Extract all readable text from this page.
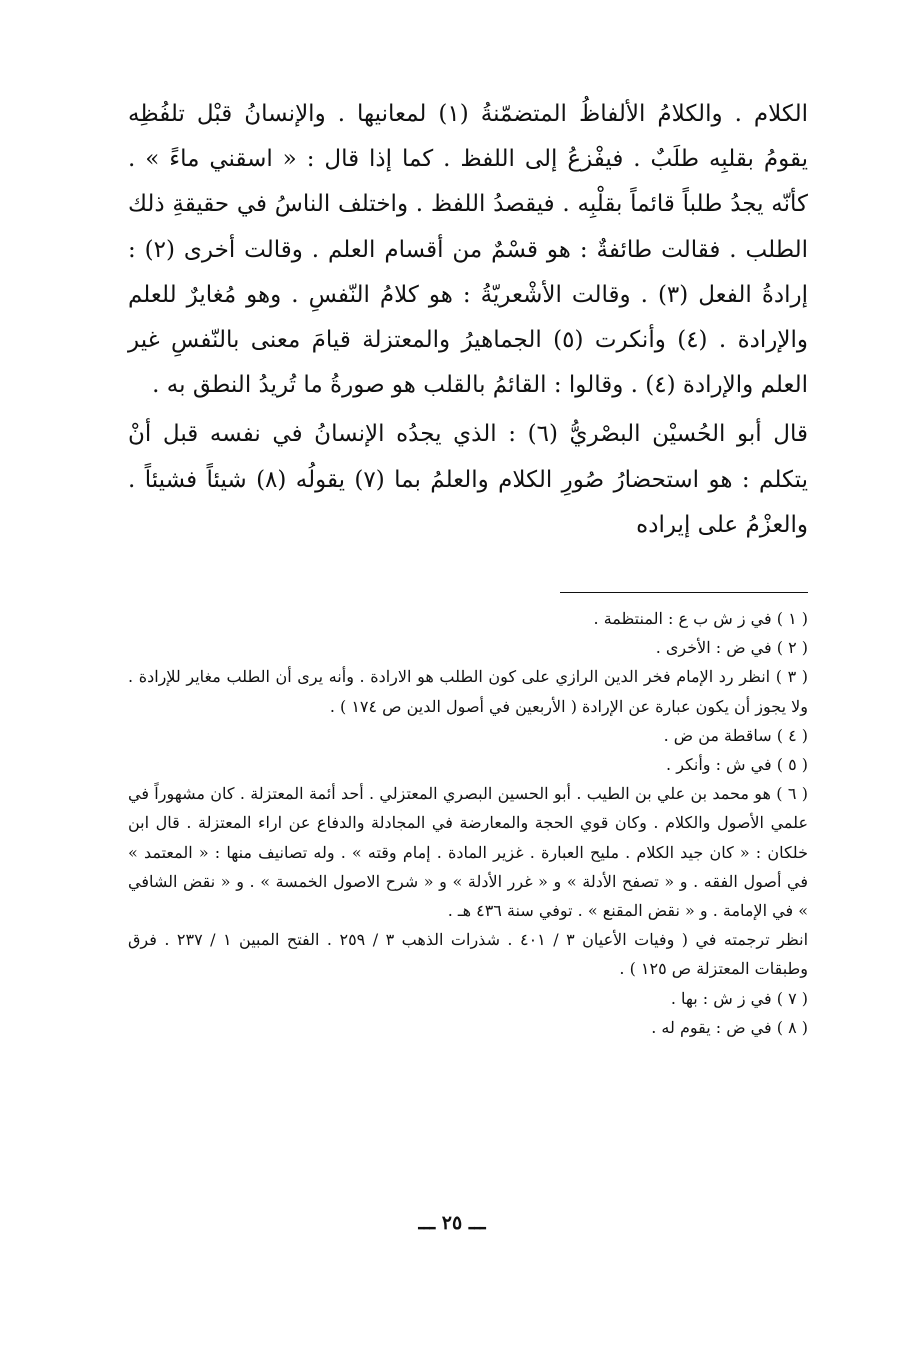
الكلام . والكلامُ الألفاظُ المتضمّنةُ (١) لمعانيها . والإنسانُ قبْل تلفُظِه يقومُ بقلبِه طلَبٌ . فيفْزعُ إلى اللفظ . كما إذا قال : « اسقني ماءً » . كأنّه يجدُ طلباً قائماً بقلْبِه . فيقصدُ اللفظ . واختلف الناسُ في حقيقةِ ذلك الطلب . فقالت طائفةٌ : هو قسْمٌ من أقسام العلم . وقالت أخرى (٢) : إرادةُ الفعل (٣) . وقالت الأشْعريّةُ : هو كلامُ النّفسِ . وهو مُغايرٌ للعلم والإرادة . (٤) وأنكرت (٥) الجماهيرُ والمعتزلة قيامَ معنى بالنّفسِ غير العلم والإرادة (٤) . وقالوا : القائمُ بالقلب هو صورةُ ما تُريدُ النطق به .

قال أبو الحُسيْن البصْريُّ (٦) : الذي يجدُه الإنسانُ في نفسه قبل أنْ يتكلم : هو استحضارُ صُورِ الكلام والعلمُ بما (٧) يقولُه (٨) شيئاً فشيئاً . والعزْمُ على إيراده

( ١ ) في ز ش ب ع : المنتظمة .

( ٢ ) في ض : الأخرى .

( ٣ ) انظر رد الإمام فخر الدين الرازي على كون الطلب هو الارادة . وأنه يرى أن الطلب مغاير للإرادة . ولا يجوز أن يكون عبارة عن الإرادة ( الأربعين في أصول الدين ص ١٧٤ ) .

( ٤ ) ساقطة من ض .

( ٥ ) في ش : وأنكر .

( ٦ ) هو محمد بن علي بن الطيب . أبو الحسين البصري المعتزلي . أحد أئمة المعتزلة . كان مشهوراً في علمي الأصول والكلام . وكان قوي الحجة والمعارضة في المجادلة والدفاع عن اراء المعتزلة . قال ابن خلكان : « كان جيد الكلام . مليح العبارة . غزير المادة . إمام وقته » . وله تصانيف منها : « المعتمد » في أصول الفقه . و « تصفح الأدلة » و « غرر الأدلة » و « شرح الاصول الخمسة » . و « نقض الشافي » في الإمامة . و « نقض المقنع » . توفي سنة ٤٣٦ هـ .

انظر ترجمته في ( وفيات الأعيان ٣ / ٤٠١ . شذرات الذهب ٣ / ٢٥٩ . الفتح المبين ١ / ٢٣٧ . فرق وطبقات المعتزلة ص ١٢٥ ) .

( ٧ ) في ز ش : بها .

( ٨ ) في ض : يقوم له .

ـــ ٢٥ ـــ
